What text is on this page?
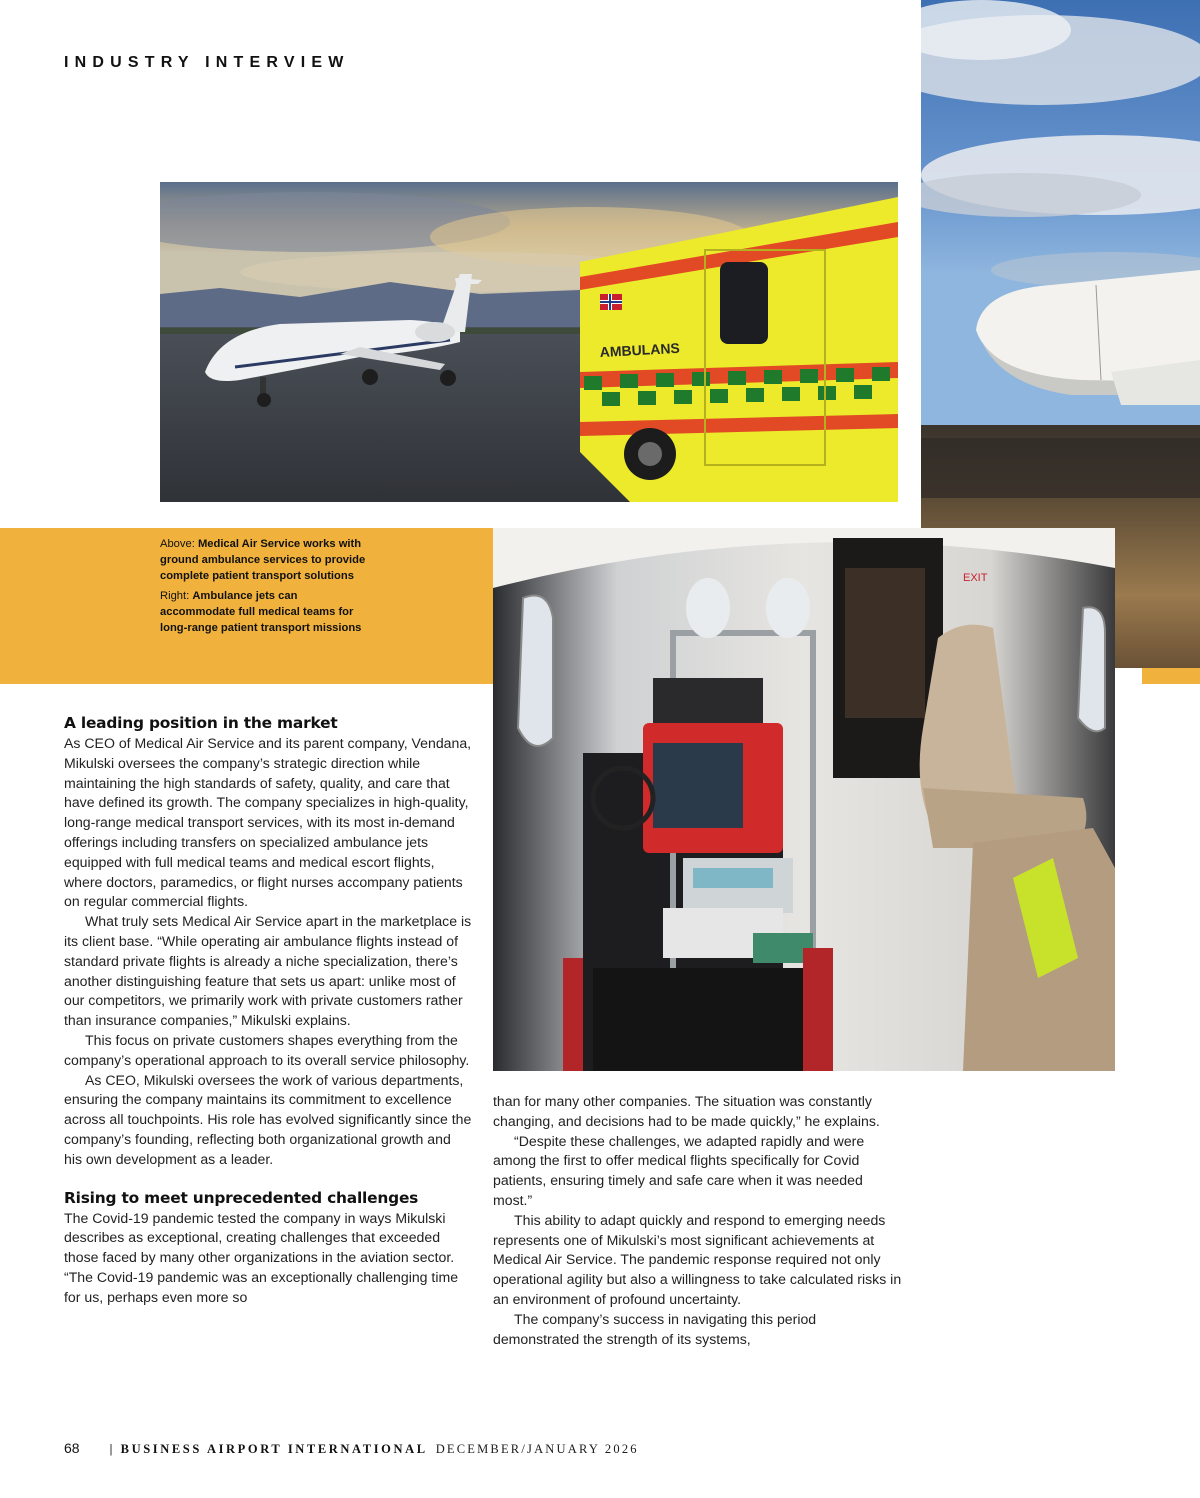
INDUSTRY INTERVIEW
AMBULANS

Above: Medical Air Service works with ground ambulance services to provide complete patient transport solutions

Right: Ambulance jets can accommodate full medical teams for long-range patient transport missions

EXIT
A leading position in the market

As CEO of Medical Air Service and its parent company, Vendana, Mikulski oversees the company’s strategic direction while maintaining the high standards of safety, quality, and care that have defined its growth. The company specializes in high-quality, long-range medical transport services, with its most in-demand offerings including transfers on specialized ambulance jets equipped with full medical teams and medical escort flights, where doctors, paramedics, or flight nurses accompany patients on regular commercial flights.

What truly sets Medical Air Service apart in the marketplace is its client base. “While operating air ambulance flights instead of standard private flights is already a niche specialization, there’s another distinguishing feature that sets us apart: unlike most of our competitors, we primarily work with private customers rather than insurance companies,” Mikulski explains.

This focus on private customers shapes everything from the company’s operational approach to its overall service philosophy.

As CEO, Mikulski oversees the work of various departments, ensuring the company maintains its commitment to excellence across all touchpoints. His role has evolved significantly since the company’s founding, reflecting both organizational growth and his own development as a leader.

Rising to meet unprecedented challenges

The Covid-19 pandemic tested the company in ways Mikulski describes as exceptional, creating challenges that exceeded those faced by many other organizations in the aviation sector. “The Covid-19 pandemic was an exceptionally challenging time for us, perhaps even more so

than for many other companies. The situation was constantly changing, and decisions had to be made quickly,” he explains.

“Despite these challenges, we adapted rapidly and were among the first to offer medical flights specifically for Covid patients, ensuring timely and safe care when it was needed most.”

This ability to adapt quickly and respond to emerging needs represents one of Mikulski’s most significant achievements at Medical Air Service. The pandemic response required not only operational agility but also a willingness to take calculated risks in an environment of profound uncertainty.

The company’s success in navigating this period demonstrated the strength of its systems,

68 | BUSINESS AIRPORT INTERNATIONAL DECEMBER/JANUARY 2026
